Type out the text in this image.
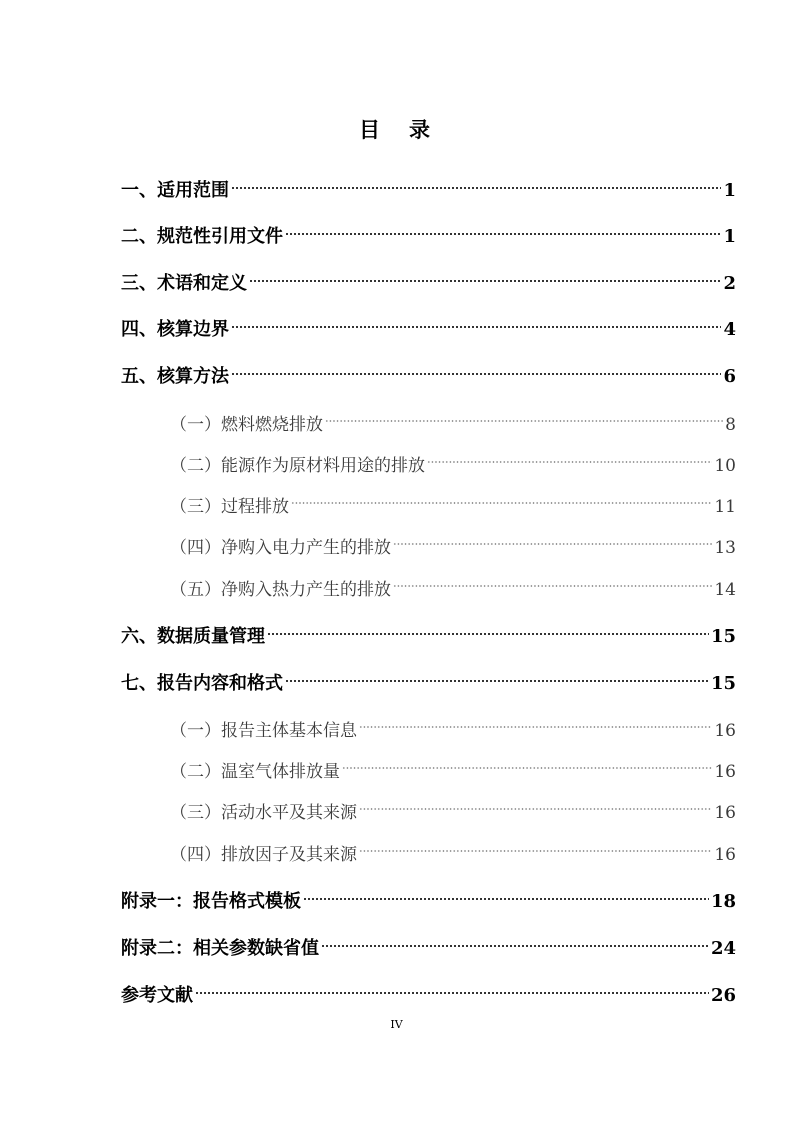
目　录
一、适用范围	1
二、规范性引用文件	1
三、术语和定义	2
四、核算边界	4
五、核算方法	6
（一）燃料燃烧排放	8
（二）能源作为原材料用途的排放	10
（三）过程排放	11
（四）净购入电力产生的排放	13
（五）净购入热力产生的排放	14
六、数据质量管理	15
七、报告内容和格式	15
（一）报告主体基本信息	16
（二）温室气体排放量	16
（三）活动水平及其来源	16
（四）排放因子及其来源	16
附录一：报告格式模板	18
附录二：相关参数缺省值	24
参考文献	26
IV
